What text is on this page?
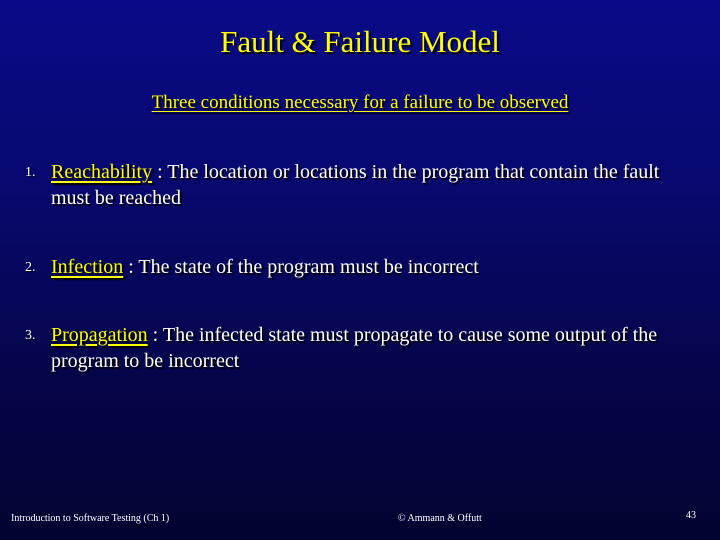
Fault & Failure Model
Three conditions necessary for a failure to be observed
1. Reachability : The location or locations in the program that contain the fault must be reached
2. Infection : The state of the program must be incorrect
3. Propagation : The infected state must propagate to cause some output of the program to be incorrect
Introduction to Software Testing (Ch 1)	© Ammann & Offutt	43
